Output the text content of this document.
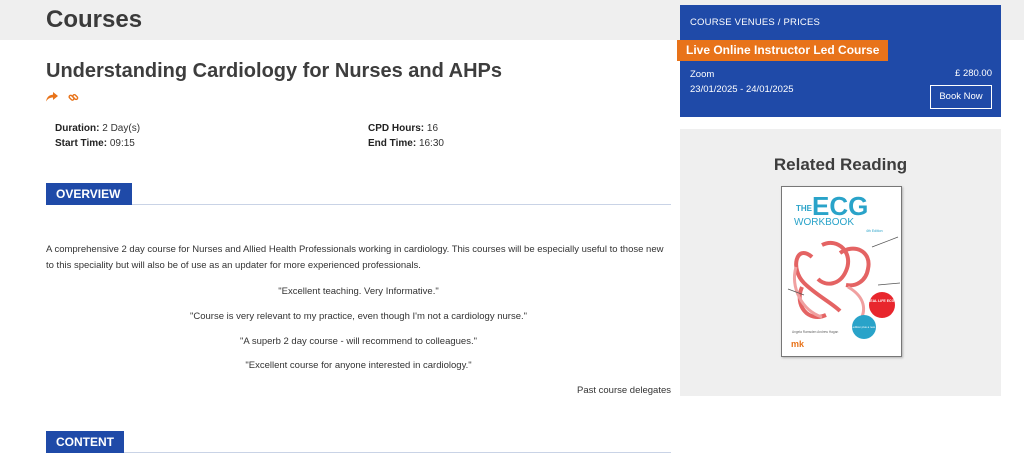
Courses
Understanding Cardiology for Nurses and AHPs
Duration: 2 Day(s)	CPD Hours: 16
Start Time: 09:15	End Time: 16:30
OVERVIEW
A comprehensive 2 day course for Nurses and Allied Health Professionals working in cardiology. This courses will be especially useful to those new to this speciality but will also be of use as an updater for more experienced professionals.
"Excellent teaching. Very Informative."
"Course is very relevant to my practice, even though I'm not a cardiology nurse."
"A superb 2 day course - will recommend to colleagues."
"Excellent course for anyone interested in cardiology."
Past course delegates
CONTENT
COURSE VENUES / PRICES
Zoom
23/01/2025 - 24/01/2025
£ 280.00
Book Now
Live Online Instructor Led Course
Related Reading
THE ECG
WORKBOOK
4th Edition
REAL LIFE ECGs
revised edition plus a new chapter
Angela Ramsden Andrew Hagan
mk
